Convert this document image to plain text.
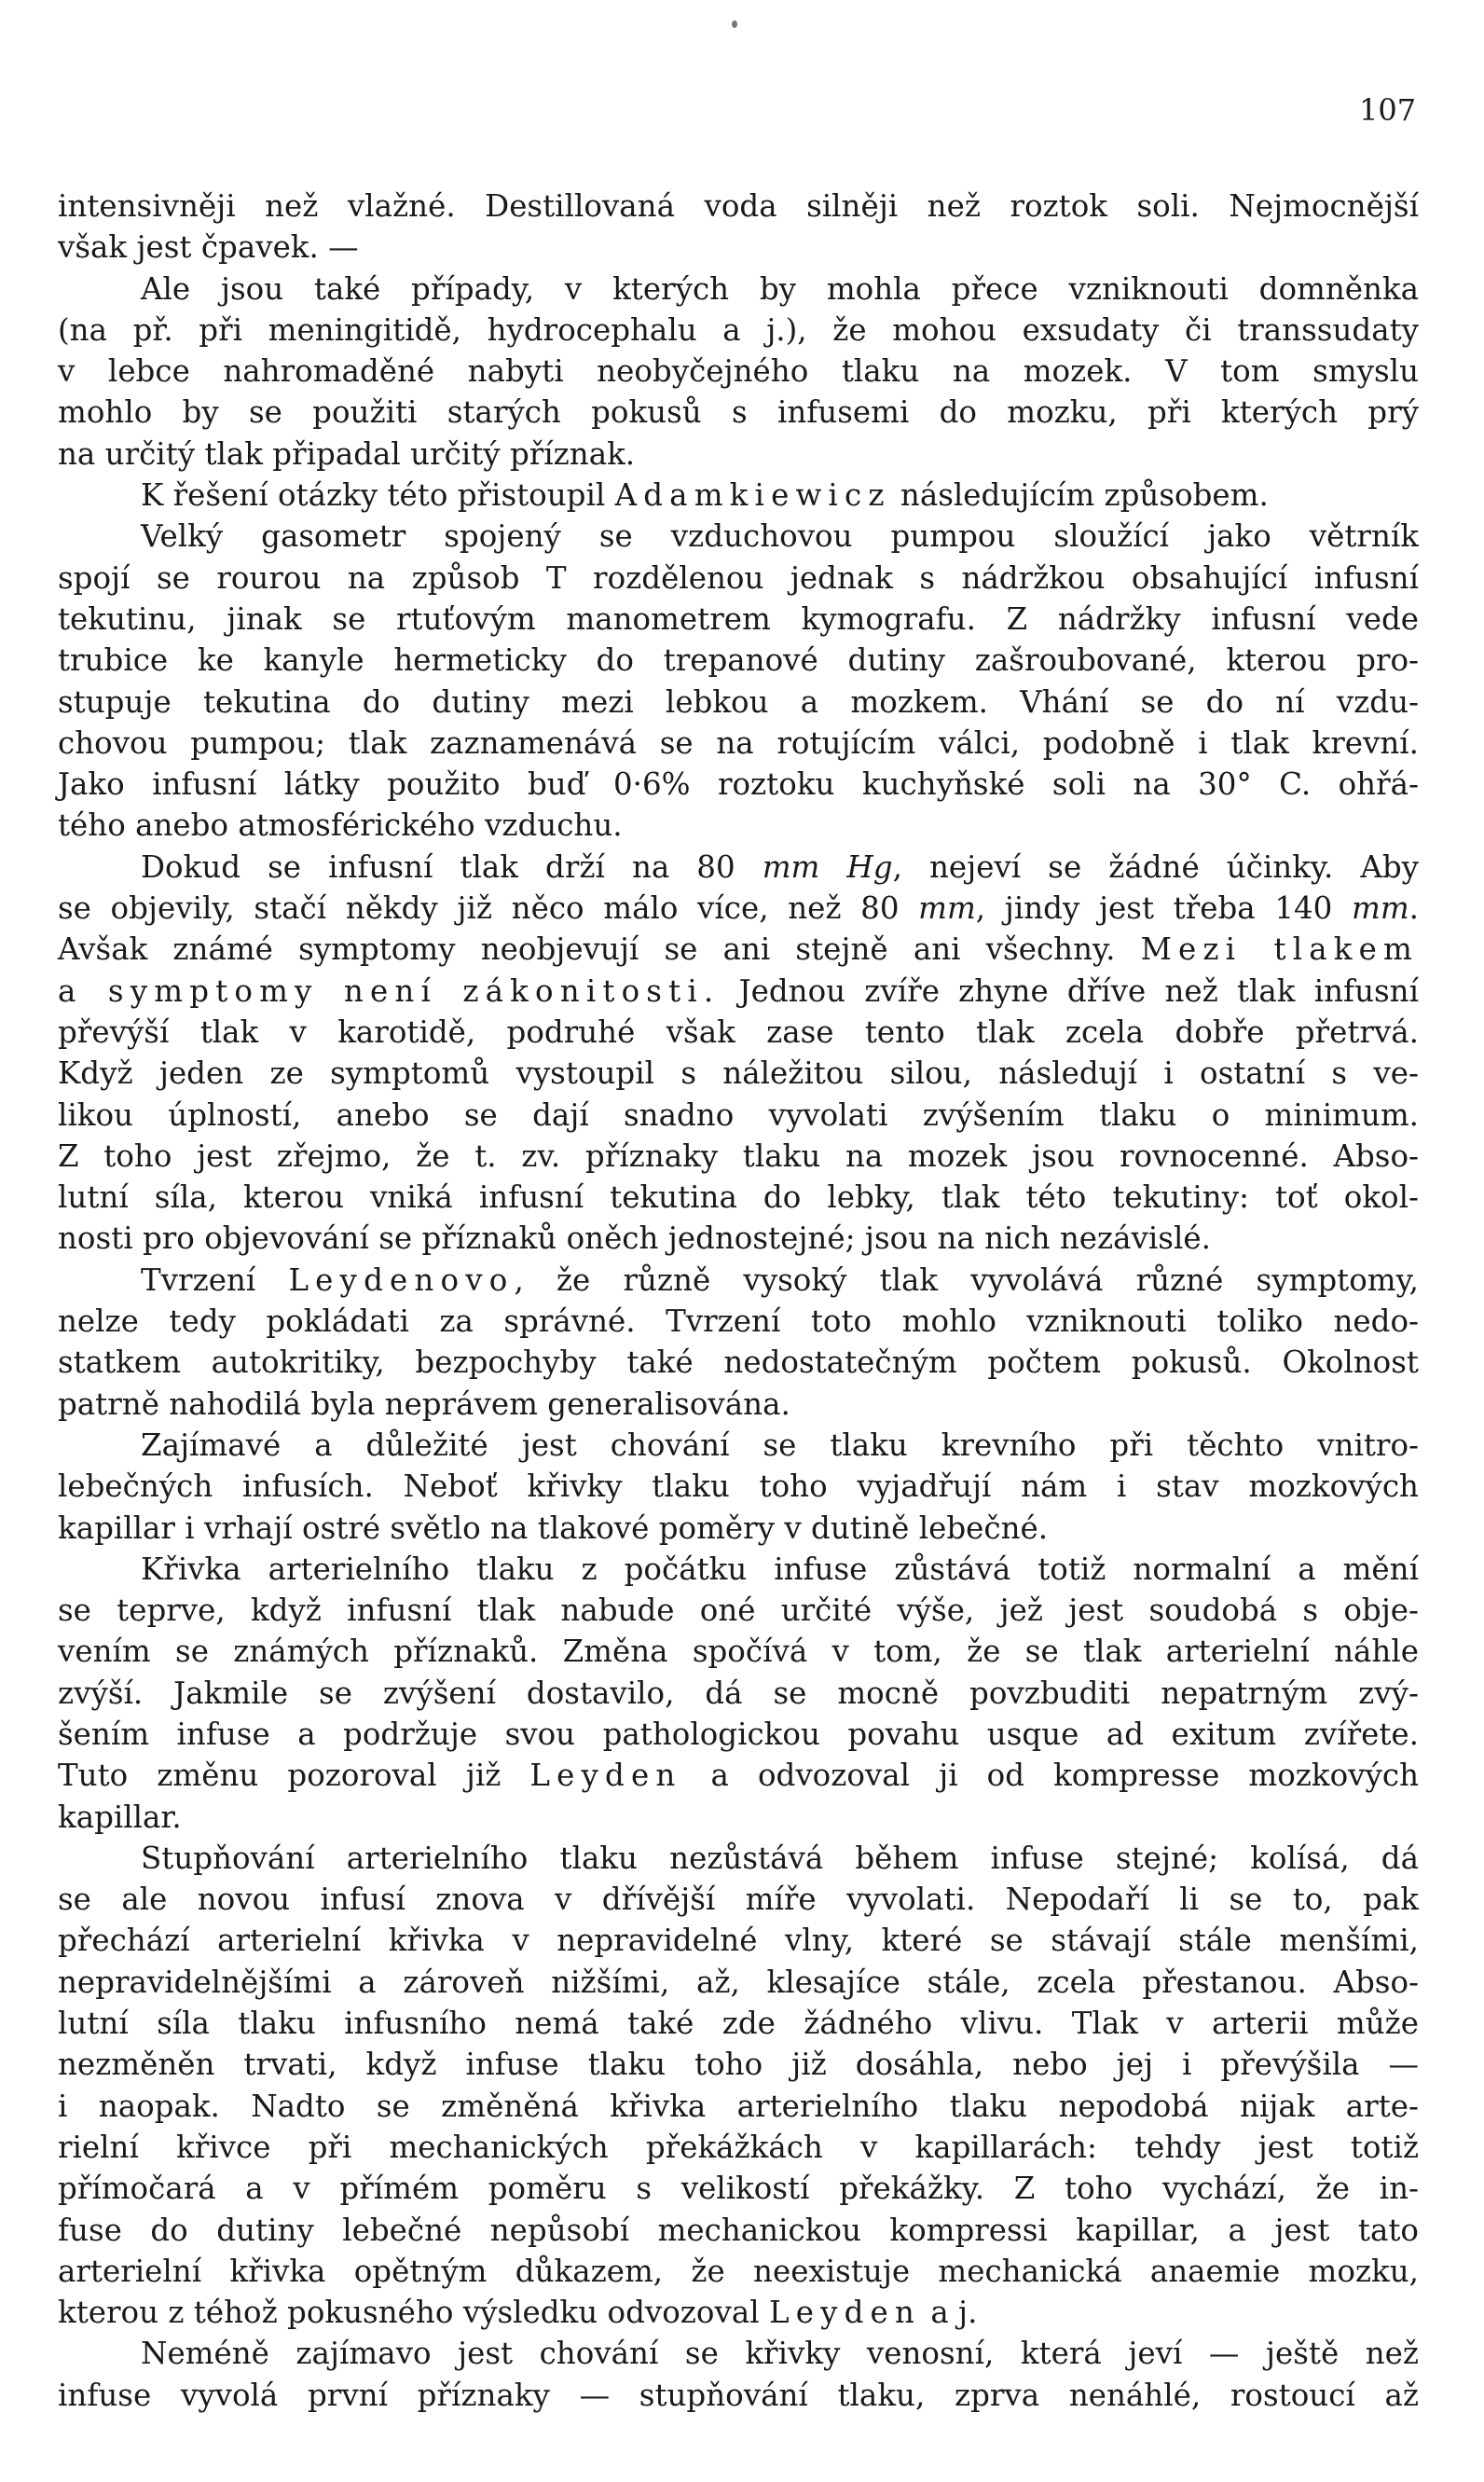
107
intensivněji než vlažné. Destillovaná voda silněji než roztok soli. Nejmocnější
však jest čpavek. —
Ale jsou také případy, v kterých by mohla přece vzniknouti domněnka
(na př. při meningitidě, hydrocephalu a j.), že mohou exsudaty či transsudaty
v lebce nahromaděné nabyti neobyčejného tlaku na mozek. V tom smyslu
mohlo by se použiti starých pokusů s infusemi do mozku, při kterých prý
na určitý tlak připadal určitý příznak.
K řešení otázky této přistoupil Adamkiewicz následujícím způsobem.
Velký gasometr spojený se vzduchovou pumpou sloužící jako větrník
spojí se rourou na způsob T rozdělenou jednak s nádržkou obsahující infusní
tekutinu, jinak se rtuťovým manometrem kymografu. Z nádržky infusní vede
trubice ke kanyle hermeticky do trepanové dutiny zašroubované, kterou pro-
stupuje tekutina do dutiny mezi lebkou a mozkem. Vhání se do ní vzdu-
chovou pumpou; tlak zaznamenává se na rotujícím válci, podobně i tlak krevní.
Jako infusní látky použito buď 0·6% roztoku kuchyňské soli na 30° C. ohřá-
tého anebo atmosférického vzduchu.
Dokud se infusní tlak drží na 80 mm Hg, nejeví se žádné účinky. Aby
se objevily, stačí někdy již něco málo více, než 80 mm, jindy jest třeba 140 mm.
Avšak známé symptomy neobjevují se ani stejně ani všechny. Mezi tlakem
a symptomy není zákonitosti. Jednou zvíře zhyne dříve než tlak infusní
převýší tlak v karotidě, podruhé však zase tento tlak zcela dobře přetrvá.
Když jeden ze symptomů vystoupil s náležitou silou, následují i ostatní s ve-
likou úplností, anebo se dají snadno vyvolati zvýšením tlaku o minimum.
Z toho jest zřejmo, že t. zv. příznaky tlaku na mozek jsou rovnocenné. Abso-
lutní síla, kterou vniká infusní tekutina do lebky, tlak této tekutiny: toť okol-
nosti pro objevování se příznaků oněch jednostejné; jsou na nich nezávislé.
Tvrzení Leydenovo, že různě vysoký tlak vyvolává různé symptomy,
nelze tedy pokládati za správné. Tvrzení toto mohlo vzniknouti toliko nedo-
statkem autokritiky, bezpochyby také nedostatečným počtem pokusů. Okolnost
patrně nahodilá byla neprávem generalisována.
Zajímavé a důležité jest chování se tlaku krevního při těchto vnitro-
lebečných infusích. Neboť křivky tlaku toho vyjadřují nám i stav mozkových
kapillar i vrhají ostré světlo na tlakové poměry v dutině lebečné.
Křivka arterielního tlaku z počátku infuse zůstává totiž normalní a mění
se teprve, když infusní tlak nabude oné určité výše, jež jest soudobá s obje-
vením se známých příznaků. Změna spočívá v tom, že se tlak arterielní náhle
zvýší. Jakmile se zvýšení dostavilo, dá se mocně povzbuditi nepatrným zvý-
šením infuse a podržuje svou pathologickou povahu usque ad exitum zvířete.
Tuto změnu pozoroval již Leyden a odvozoval ji od kompresse mozkových
kapillar.
Stupňování arterielního tlaku nezůstává během infuse stejné; kolísá, dá
se ale novou infusí znova v dřívější míře vyvolati. Nepodaří li se to, pak
přechází arterielní křivka v nepravidelné vlny, které se stávají stále menšími,
nepravidelnějšími a zároveň nižšími, až, klesajíce stále, zcela přestanou. Abso-
lutní síla tlaku infusního nemá také zde žádného vlivu. Tlak v arterii může
nezměněn trvati, když infuse tlaku toho již dosáhla, nebo jej i převýšila —
i naopak. Nadto se změněná křivka arterielního tlaku nepodobá nijak arte-
rielní křivce při mechanických překážkách v kapillarách: tehdy jest totiž
přímočará a v přímém poměru s velikostí překážky. Z toho vychází, že in-
fuse do dutiny lebečné nepůsobí mechanickou kompressi kapillar, a jest tato
arterielní křivka opětným důkazem, že neexistuje mechanická anaemie mozku,
kterou z téhož pokusného výsledku odvozoval Leyden a j.
Neméně zajímavo jest chování se křivky venosní, která jeví — ještě než
infuse vyvolá první příznaky — stupňování tlaku, zprva nenáhlé, rostoucí až
